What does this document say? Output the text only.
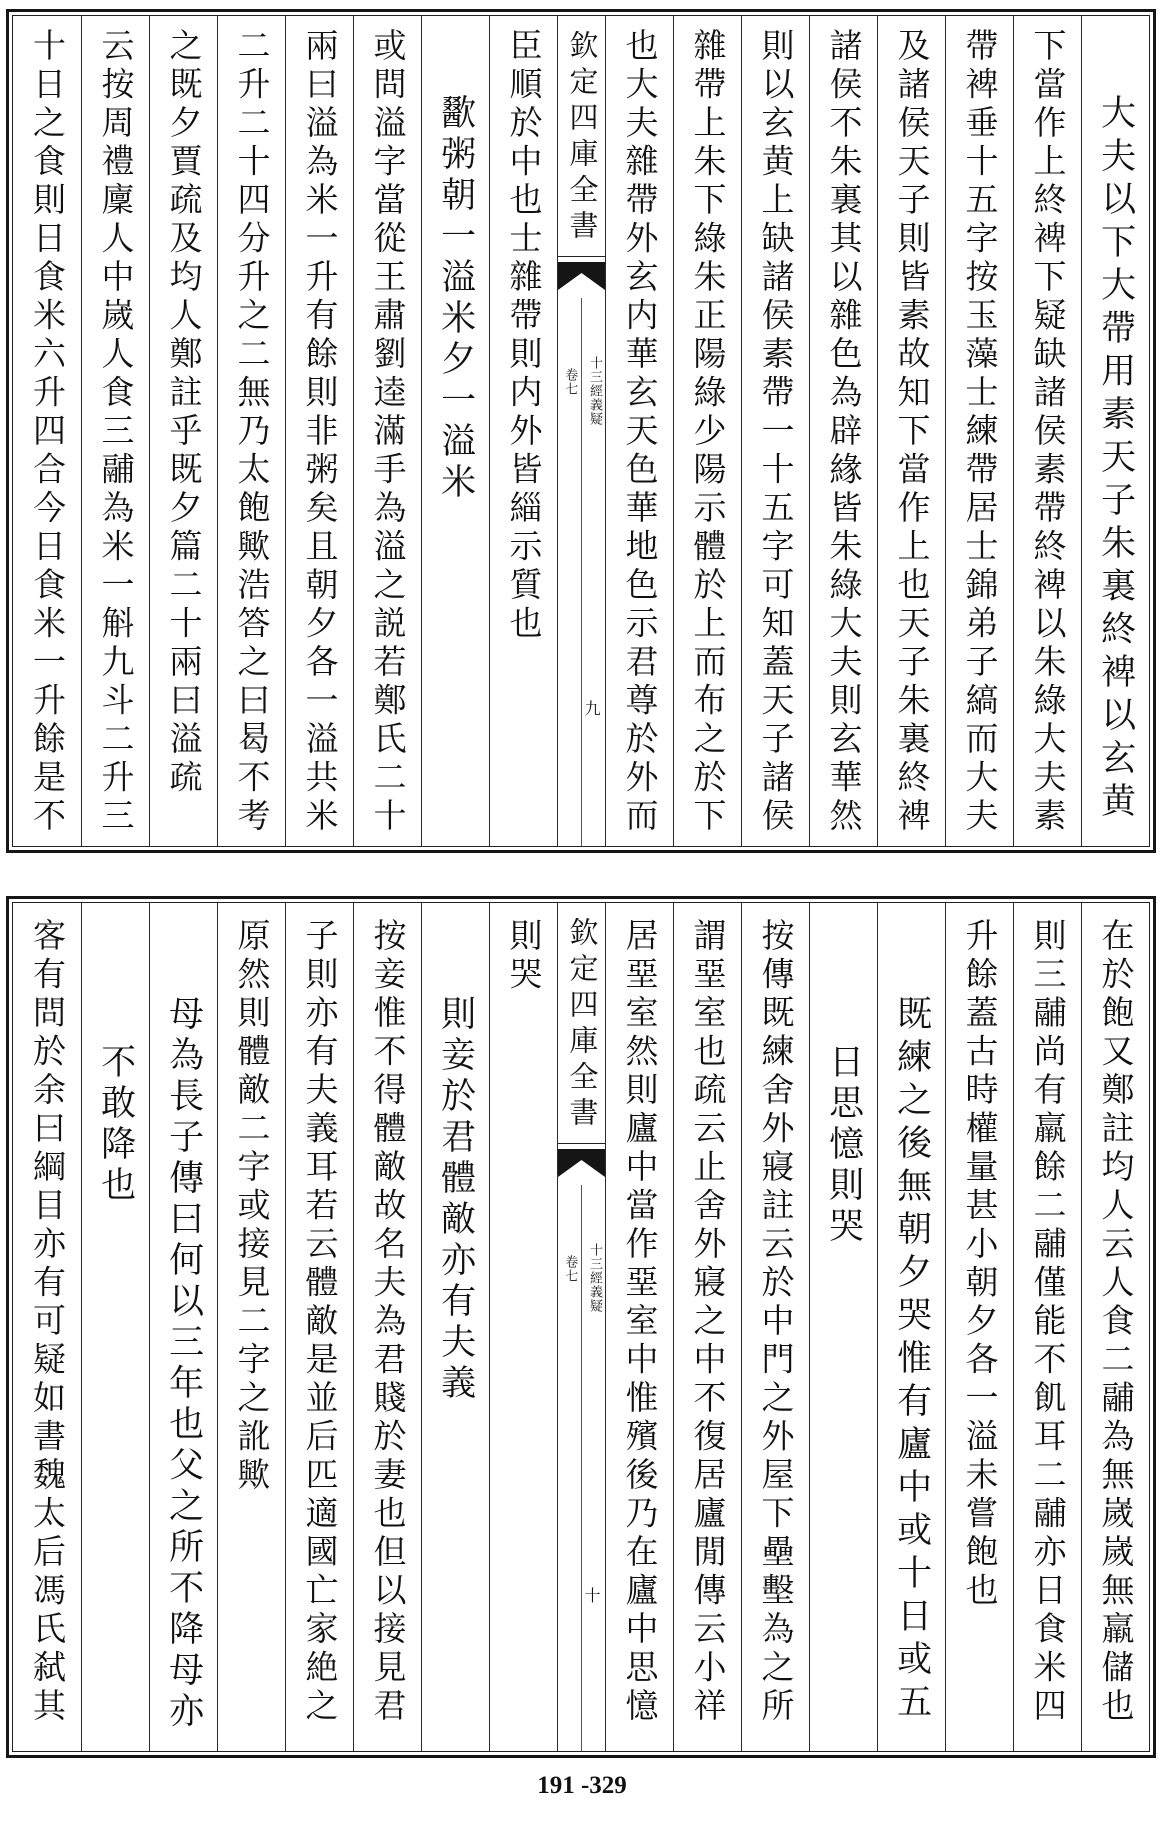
大夫以下大帶用素天子朱裏終裨以玄黄
下當作上終裨下疑缺諸侯素帶終裨以朱綠大夫素
帶裨垂十五字按玉藻士練帶居士錦弟子縞而大夫
及諸侯天子則皆素故知下當作上也天子朱裏終裨
諸侯不朱裏其以雜色為辟緣皆朱綠大夫則玄華然
則以玄黄上缺諸侯素帶一十五字可知蓋天子諸侯
雜帶上朱下綠朱正陽綠少陽示體於上而布之於下
也大夫雜帶外玄内華玄天色華地色示君尊於外而
欽定四庫全書
十三經義疑
卷七
九
臣順於中也士雜帶則内外皆緇示質也
歠粥朝一溢米夕一溢米
或問溢字當從王肅劉逵滿手為溢之説若鄭氏二十
兩曰溢為米一升有餘則非粥矣且朝夕各一溢共米
二升二十四分升之二無乃太飽歟浩答之曰曷不考
之既夕賈疏及均人鄭註乎既夕篇二十兩曰溢疏
云按周禮廩人中嵗人食三鬴為米一斛九斗二升三
十日之食則日食米六升四合今日食米一升餘是不
在於飽又鄭註均人云人食二鬴為無嵗嵗無羸儲也
則三鬴尚有羸餘二鬴僅能不飢耳二鬴亦日食米四
升餘蓋古時權量甚小朝夕各一溢未嘗飽也
既練之後無朝夕哭惟有廬中或十日或五
日思憶則哭
按傳既練舍外寢註云於中門之外屋下壘墼為之所
謂堊室也疏云止舍外寢之中不復居廬閒傳云小祥
居堊室然則廬中當作堊室中惟殯後乃在廬中思憶
欽定四庫全書
十三經義疑
卷七
十
則哭
則妾於君體敵亦有夫義
按妾惟不得體敵故名夫為君賤於妻也但以接見君
子則亦有夫義耳若云體敵是並后匹適國亡家絶之
原然則體敵二字或接見二字之訛歟
母為長子傳曰何以三年也父之所不降母亦
不敢降也
客有問於余曰綱目亦有可疑如書魏太后馮氏弑其
191 -329
